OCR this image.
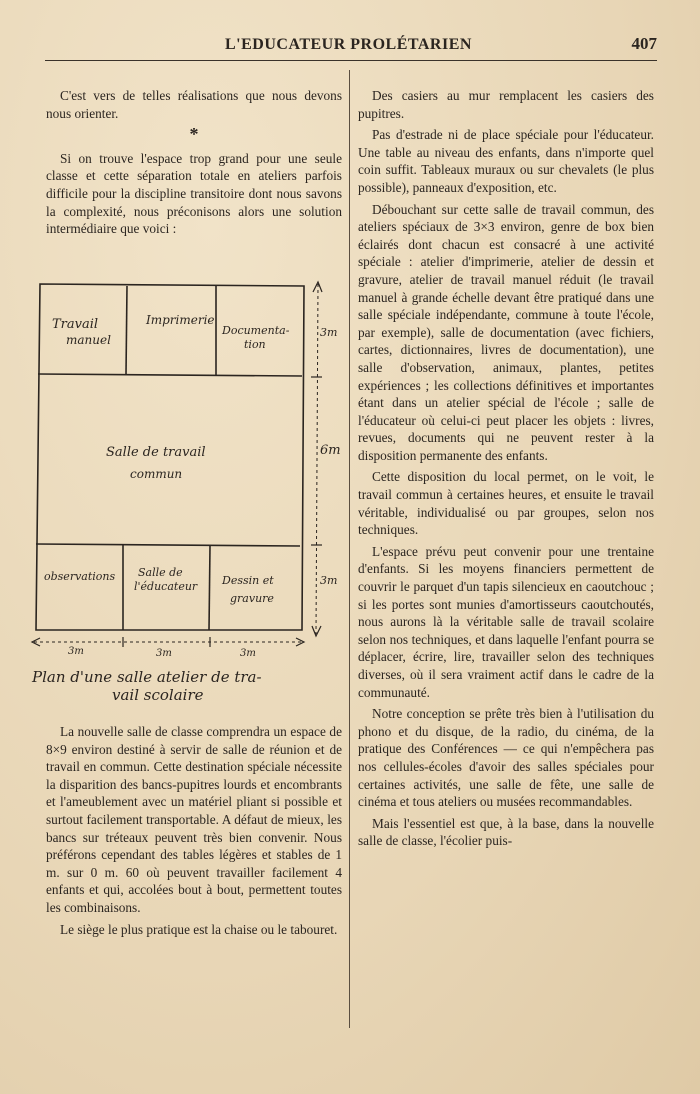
L'EDUCATEUR PROLÉTARIEN	407

C'est vers de telles réalisations que nous devons nous orienter.

*

Si on trouve l'espace trop grand pour une seule classe et cette séparation totale en ateliers parfois difficile pour la discipline transitoire dont nous savons la complexité, nous préconisons alors une solution intermédiaire que voici :

Travail
manuel
Imprimerie
Documenta-
tion
Salle de travail
commun
observations Salle de
l'éducateur Dessin et
gravure
3m
6m
3m
3m	3m	3m
Plan d'une salle atelier de tra-
vail scolaire

La nouvelle salle de classe comprendra un espace de 8×9 environ destiné à servir de salle de réunion et de travail en commun. Cette destination spéciale nécessite la disparition des bancs-pupitres lourds et encombrants et l'ameublement avec un matériel pliant si possible et surtout facilement transportable. A défaut de mieux, les bancs sur tréteaux peuvent très bien convenir. Nous préférons cependant des tables légères et stables de 1 m. sur 0 m. 60 où peuvent travailler facilement 4 enfants et qui, accolées bout à bout, permettent toutes les combinaisons.

Le siège le plus pratique est la chaise ou le tabouret.

Des casiers au mur remplacent les casiers des pupitres.

Pas d'estrade ni de place spéciale pour l'éducateur. Une table au niveau des enfants, dans n'importe quel coin suffit. Tableaux muraux ou sur chevalets (le plus possible), panneaux d'exposition, etc.

Débouchant sur cette salle de travail commun, des ateliers spéciaux de 3×3 environ, genre de box bien éclairés dont chacun est consacré à une activité spéciale : atelier d'imprimerie, atelier de dessin et gravure, atelier de travail manuel réduit (le travail manuel à grande échelle devant être pratiqué dans une salle spéciale indépendante, commune à toute l'école, par exemple), salle de documentation (avec fichiers, cartes, dictionnaires, livres de documentation), une salle d'observation, animaux, plantes, petites expériences ; les collections définitives et importantes étant dans un atelier spécial de l'école ; salle de l'éducateur où celui-ci peut placer les objets : livres, revues, documents qui ne peuvent rester à la disposition permanente des enfants.

Cette disposition du local permet, on le voit, le travail commun à certaines heures, et ensuite le travail véritable, individualisé ou par groupes, selon nos techniques.

L'espace prévu peut convenir pour une trentaine d'enfants. Si les moyens financiers permettent de couvrir le parquet d'un tapis silencieux en caoutchouc ; si les portes sont munies d'amortisseurs caoutchoutés, nous aurons là la véritable salle de travail scolaire selon nos techniques, et dans laquelle l'enfant pourra se déplacer, écrire, lire, travailler selon des techniques diverses, où il sera vraiment actif dans le cadre de la communauté.

Notre conception se prête très bien à l'utilisation du phono et du disque, de la radio, du cinéma, de la pratique des Conférences — ce qui n'empêchera pas nos cellules-écoles d'avoir des salles spéciales pour certaines activités, une salle de fête, une salle de cinéma et tous ateliers ou musées recommandables.

Mais l'essentiel est que, à la base, dans la nouvelle salle de classe, l'écolier puis-
